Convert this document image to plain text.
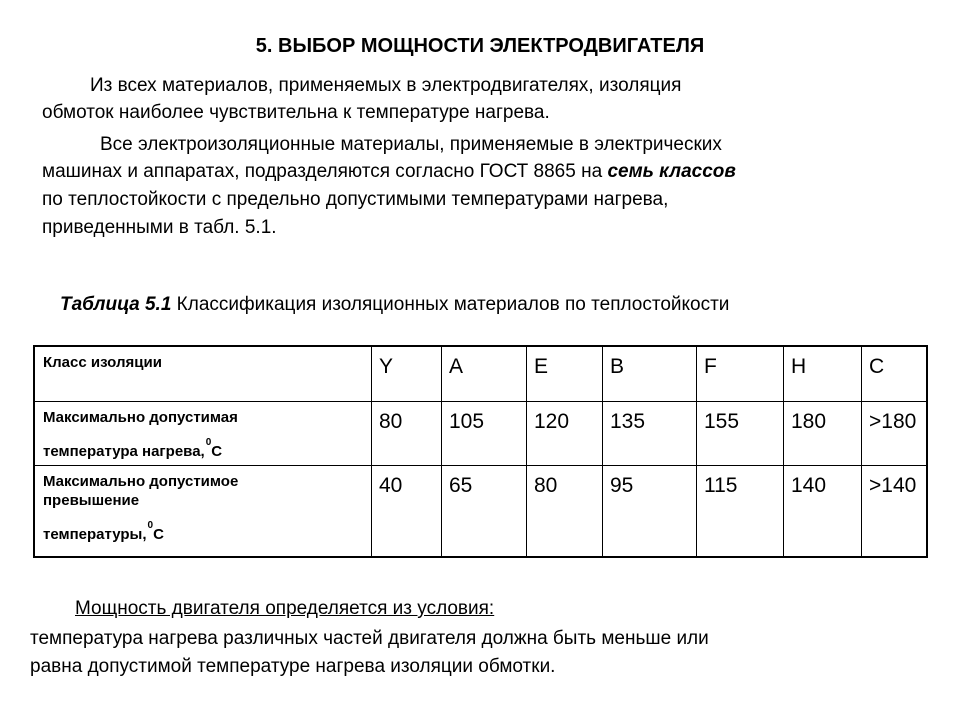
5. ВЫБОР МОЩНОСТИ ЭЛЕКТРОДВИГАТЕЛЯ
Из всех материалов, применяемых в электродвигателях, изоляция
обмоток наиболее чувствительна к температуре нагрева.
Все электроизоляционные материалы, применяемые в электрических
машинах и аппаратах, подразделяются согласно ГОСТ 8865 на семь классов
по теплостойкости с предельно допустимыми температурами нагрева,
приведенными в табл. 5.1.
Таблица 5.1 Классификация изоляционных материалов по теплостойкости
Класс изоляции	Y	A	E	B	F	H	C
Максимально допустимая
температура нагрева,$^0$С	80	105	120	135	155	180	>180
Максимально допустимое
превышение
температуры,$^0$С	40	65	80	95	115	140	>140
Мощность двигателя определяется из условия:
температура нагрева различных частей двигателя должна быть меньше или
равна допустимой температуре нагрева изоляции обмотки.
